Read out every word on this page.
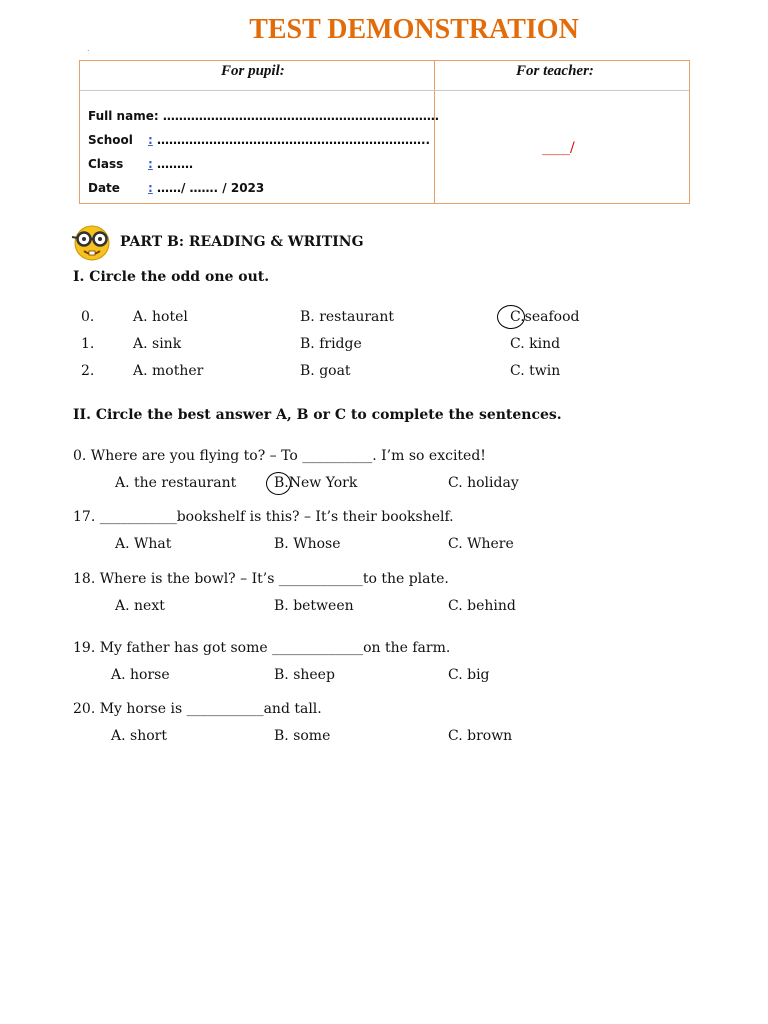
TEST DEMONSTRATION
.
For pupil:	For teacher:
Full name: ……………………………………………………………
School : …………………………………………………………..
Class : ………
Date : ……/ ……. / 2023
____/
PART B: READING & WRITING
I. Circle the odd one out.
0.	A. hotel	B. restaurant	C.seafood
1.	A. sink	B. fridge	C. kind
2.	A. mother	B. goat	C. twin
II. Circle the best answer A, B or C to complete the sentences.
0. Where are you flying to? – To __________. I’m so excited!
A. the restaurant	B.New York	C. holiday
17. ___________bookshelf is this? – It’s their bookshelf.
A. What	B. Whose	C. Where
18. Where is the bowl? – It’s ____________to the plate.
A. next	B. between	C. behind
19. My father has got some _____________on the farm.
A. horse	B. sheep	C. big
20. My horse is ___________and tall.
A. short	B. some	C. brown
